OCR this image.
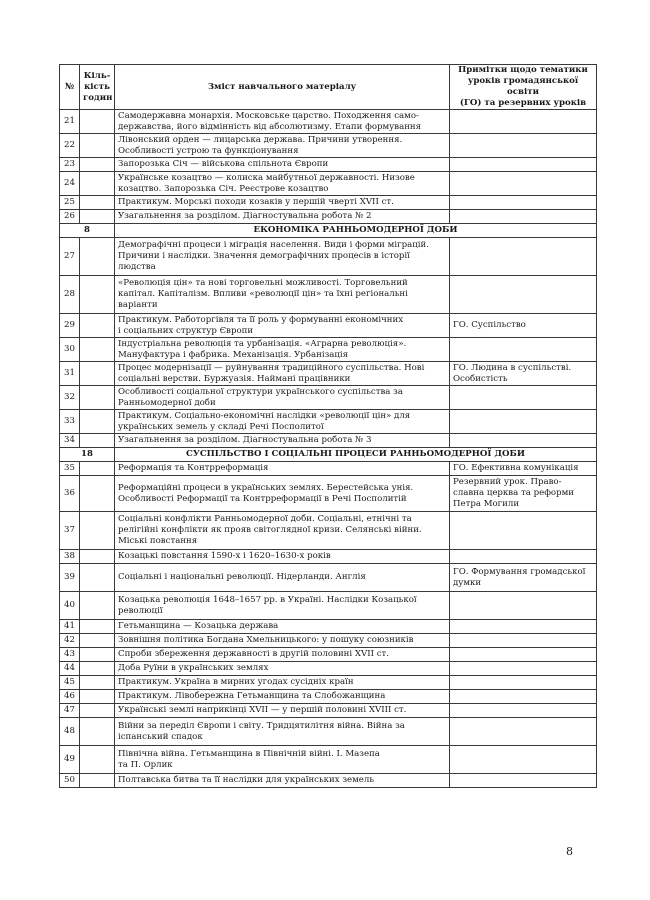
№	Кіль-
кість
годин	Зміст навчального матеріалу	Примітки щодо тематики
уроків громадянської освіти
(ГО) та резервних уроків

21		Самодержавна монархія. Московське царство. Походження само-
державства, його відмінність від абсолютизму. Етапи формування	
22		Лівонський орден — лицарська держава. Причини утворення.
Особливості устрою та функціонування	
23		Запорозька Січ — військова спільнота Європи	
24		Українське козацтво — колиска майбутньої державності. Низове
козацтво. Запорозька Січ. Реєстрове козацтво	
25		Практикум. Морські походи козаків у першій чверті XVII ст.	
26		Узагальнення за розділом. Діагностувальна робота № 2	
8		ЕКОНОМІКА РАННЬОМОДЕРНОЇ ДОБИ	
27		Демографічні процеси і міграція населення. Види і форми міграцій.
Причини і наслідки. Значення демографічних процесів в історії
людства	
28		«Революція цін» та нові торговельні можливості. Торговельний
капітал. Капіталізм. Впливи «революції цін» та їхні регіональні
варіанти	
29		Практикум. Работоргівля та її роль у формуванні економічних
і соціальних структур Європи	ГО. Суспільство
30		Індустріальна революція та урбанізація. «Аграрна революція».
Мануфактура і фабрика. Механізація. Урбанізація	
31		Процес модернізації — руйнування традиційного суспільства. Нові
соціальні верстви. Буржуазія. Наймані працівники	ГО. Людина в суспільстві.
Особистість
32		Особливості соціальної структури українського суспільства за
Ранньомодерної доби	
33		Практикум. Соціально-економічні наслідки «революції цін» для
українських земель у складі Речі Посполитої	
34		Узагальнення за розділом. Діагностувальна робота № 3	
18		СУСПІЛЬСТВО І СОЦІАЛЬНІ ПРОЦЕСИ РАННЬОМОДЕРНОЇ ДОБИ	
35		Реформація та Контрреформація	ГО. Ефективна комунікація
36		Реформаційні процеси в українських землях. Берестейська унія.
Особливості Реформації та Контрреформації в Речі Посполитій	Резервний урок. Право-
славна церква та реформи
Петра Могили
37		Соціальні конфлікти Ранньомодерної доби. Соціальні, етнічні та
релігійні конфлікти як прояв світоглядної кризи. Селянські війни.
Міські повстання	
38		Козацькі повстання 1590-х і 1620–1630-х років	
39		Соціальні і національні революції. Нідерланди. Англія	ГО. Формування громадської
думки
40		Козацька революція 1648–1657 рр. в Україні. Наслідки Козацької
революції	
41		Гетьманщина — Козацька держава	
42		Зовнішня політика Богдана Хмельницького: у пошуку союзників	
43		Спроби збереження державності в другій половині XVII ст.	
44		Доба Руїни в українських землях	
45		Практикум. Україна в мирних угодах сусідніх країн	
46		Практикум. Лівобережна Гетьманщина та Слобожанщина	
47		Українські землі наприкінці XVII — у першій половині XVIII ст.	
48		Війни за переділ Європи і світу. Тридцятилітня війна. Війна за
іспанський спадок	
49		Північна війна. Гетьманщина в Північній війні. І. Мазепа
та П. Орлик	
50		Полтавська битва та її наслідки для українських земель	
8
